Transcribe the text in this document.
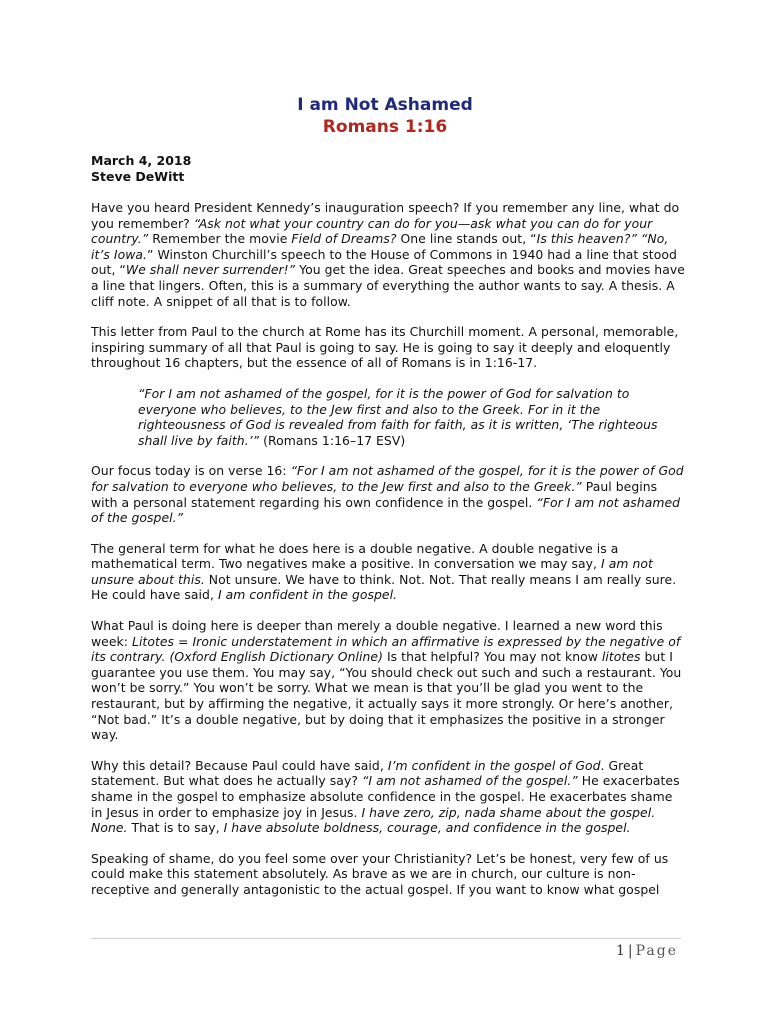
I am Not Ashamed
Romans 1:16
March 4, 2018
Steve DeWitt

Have you heard President Kennedy’s inauguration speech? If you remember any line, what do you remember? “Ask not what your country can do for you—ask what you can do for your country.” Remember the movie Field of Dreams? One line stands out, “Is this heaven?” “No, it’s Iowa.” Winston Churchill’s speech to the House of Commons in 1940 had a line that stood out, “We shall never surrender!” You get the idea. Great speeches and books and movies have a line that lingers. Often, this is a summary of everything the author wants to say. A thesis. A cliff note. A snippet of all that is to follow.

This letter from Paul to the church at Rome has its Churchill moment. A personal, memorable, inspiring summary of all that Paul is going to say. He is going to say it deeply and eloquently throughout 16 chapters, but the essence of all of Romans is in 1:16-17.

“For I am not ashamed of the gospel, for it is the power of God for salvation to everyone who believes, to the Jew first and also to the Greek. For in it the righteousness of God is revealed from faith for faith, as it is written, ‘The righteous shall live by faith.’” (Romans 1:16–17 ESV)

Our focus today is on verse 16: “For I am not ashamed of the gospel, for it is the power of God for salvation to everyone who believes, to the Jew first and also to the Greek.” Paul begins with a personal statement regarding his own confidence in the gospel. “For I am not ashamed of the gospel.”

The general term for what he does here is a double negative. A double negative is a mathematical term. Two negatives make a positive. In conversation we may say, I am not unsure about this. Not unsure. We have to think. Not. Not. That really means I am really sure. He could have said, I am confident in the gospel.

What Paul is doing here is deeper than merely a double negative. I learned a new word this week: Litotes = Ironic understatement in which an affirmative is expressed by the negative of its contrary. (Oxford English Dictionary Online) Is that helpful? You may not know litotes but I guarantee you use them. You may say, “You should check out such and such a restaurant. You won’t be sorry.” You won’t be sorry. What we mean is that you’ll be glad you went to the restaurant, but by affirming the negative, it actually says it more strongly. Or here’s another, “Not bad.” It’s a double negative, but by doing that it emphasizes the positive in a stronger way.

Why this detail? Because Paul could have said, I’m confident in the gospel of God. Great statement. But what does he actually say? “I am not ashamed of the gospel.” He exacerbates shame in the gospel to emphasize absolute confidence in the gospel. He exacerbates shame in Jesus in order to emphasize joy in Jesus. I have zero, zip, nada shame about the gospel. None. That is to say, I have absolute boldness, courage, and confidence in the gospel.

Speaking of shame, do you feel some over your Christianity? Let’s be honest, very few of us could make this statement absolutely. As brave as we are in church, our culture is non-receptive and generally antagonistic to the actual gospel. If you want to know what gospel

1 | Page
